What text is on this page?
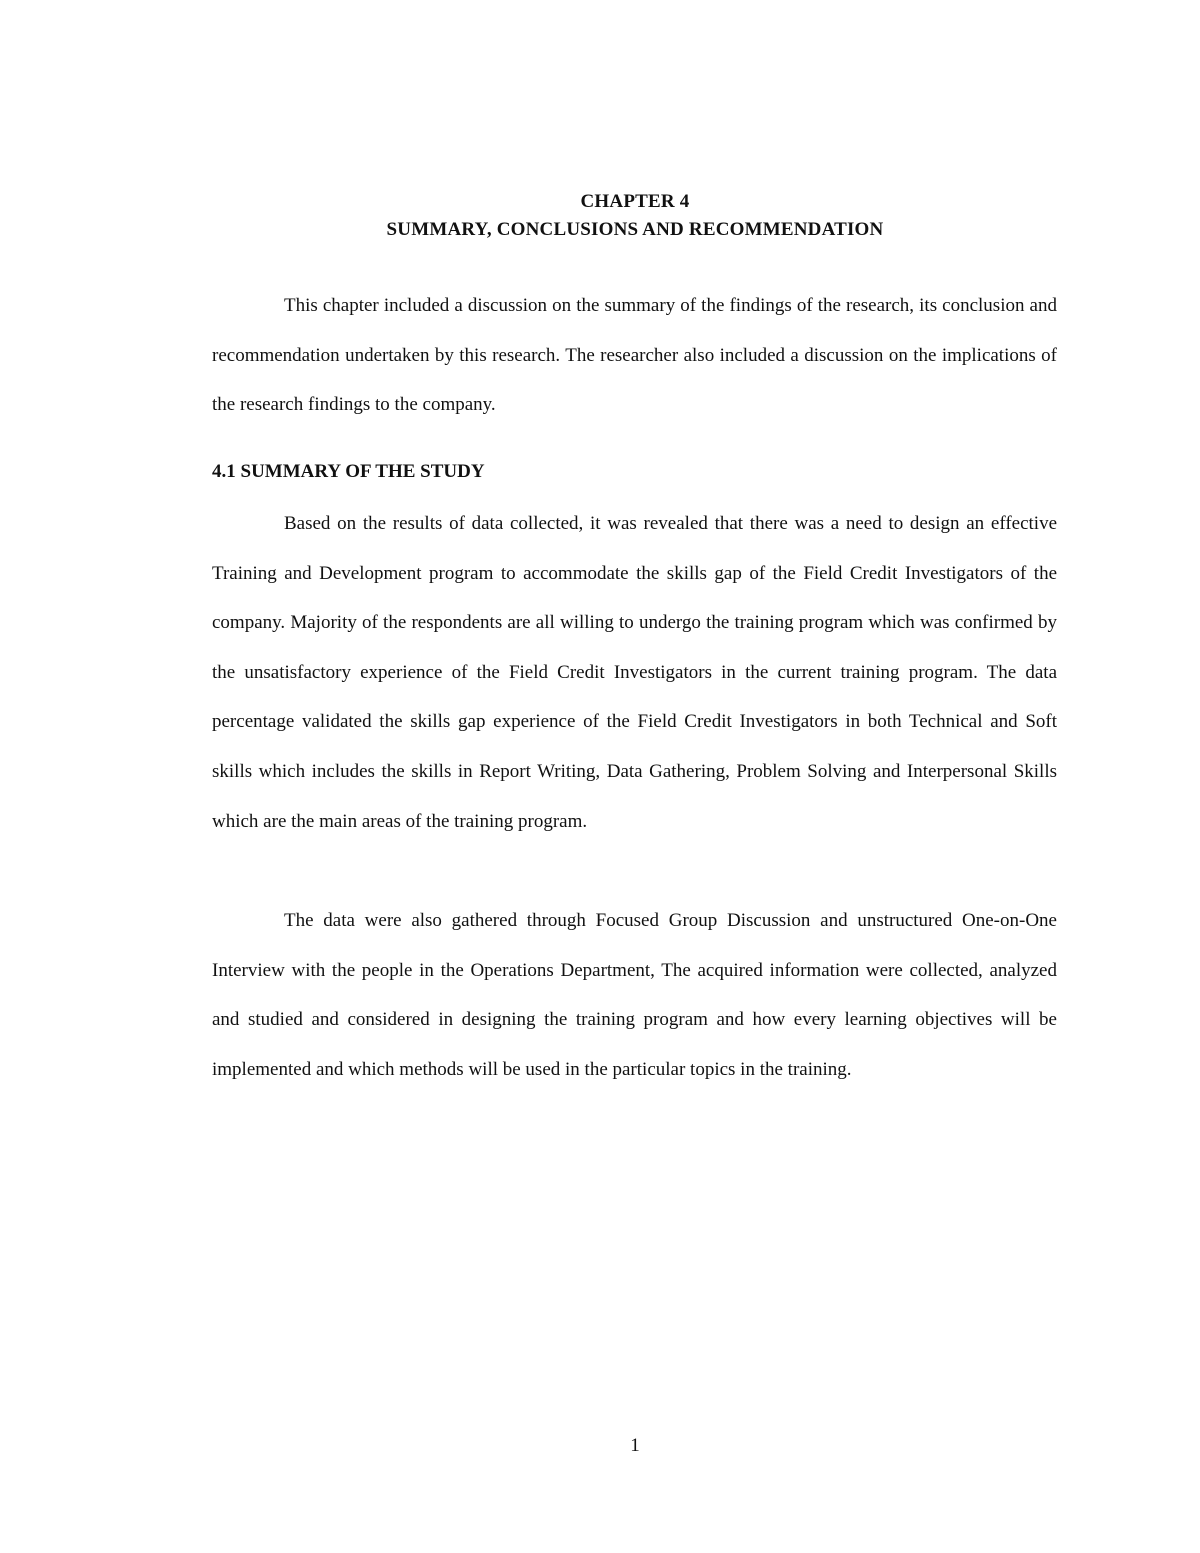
CHAPTER 4
SUMMARY, CONCLUSIONS AND RECOMMENDATION

This chapter included a discussion on the summary of the findings of the research, its conclusion and recommendation undertaken by this research. The researcher also included a discussion on the implications of the research findings to the company.

4.1 SUMMARY OF THE STUDY

Based on the results of data collected, it was revealed that there was a need to design an effective Training and Development program to accommodate the skills gap of the Field Credit Investigators of the company. Majority of the respondents are all willing to undergo the training program which was confirmed by the unsatisfactory experience of the Field Credit Investigators in the current training program. The data percentage validated the skills gap experience of the Field Credit Investigators in both Technical and Soft skills which includes the skills in Report Writing, Data Gathering, Problem Solving and Interpersonal Skills which are the main areas of the training program.

The data were also gathered through Focused Group Discussion and unstructured One-on-One Interview with the people in the Operations Department, The acquired information were collected, analyzed and studied and considered in designing the training program and how every learning objectives will be implemented and which methods will be used in the particular topics in the training.

1
